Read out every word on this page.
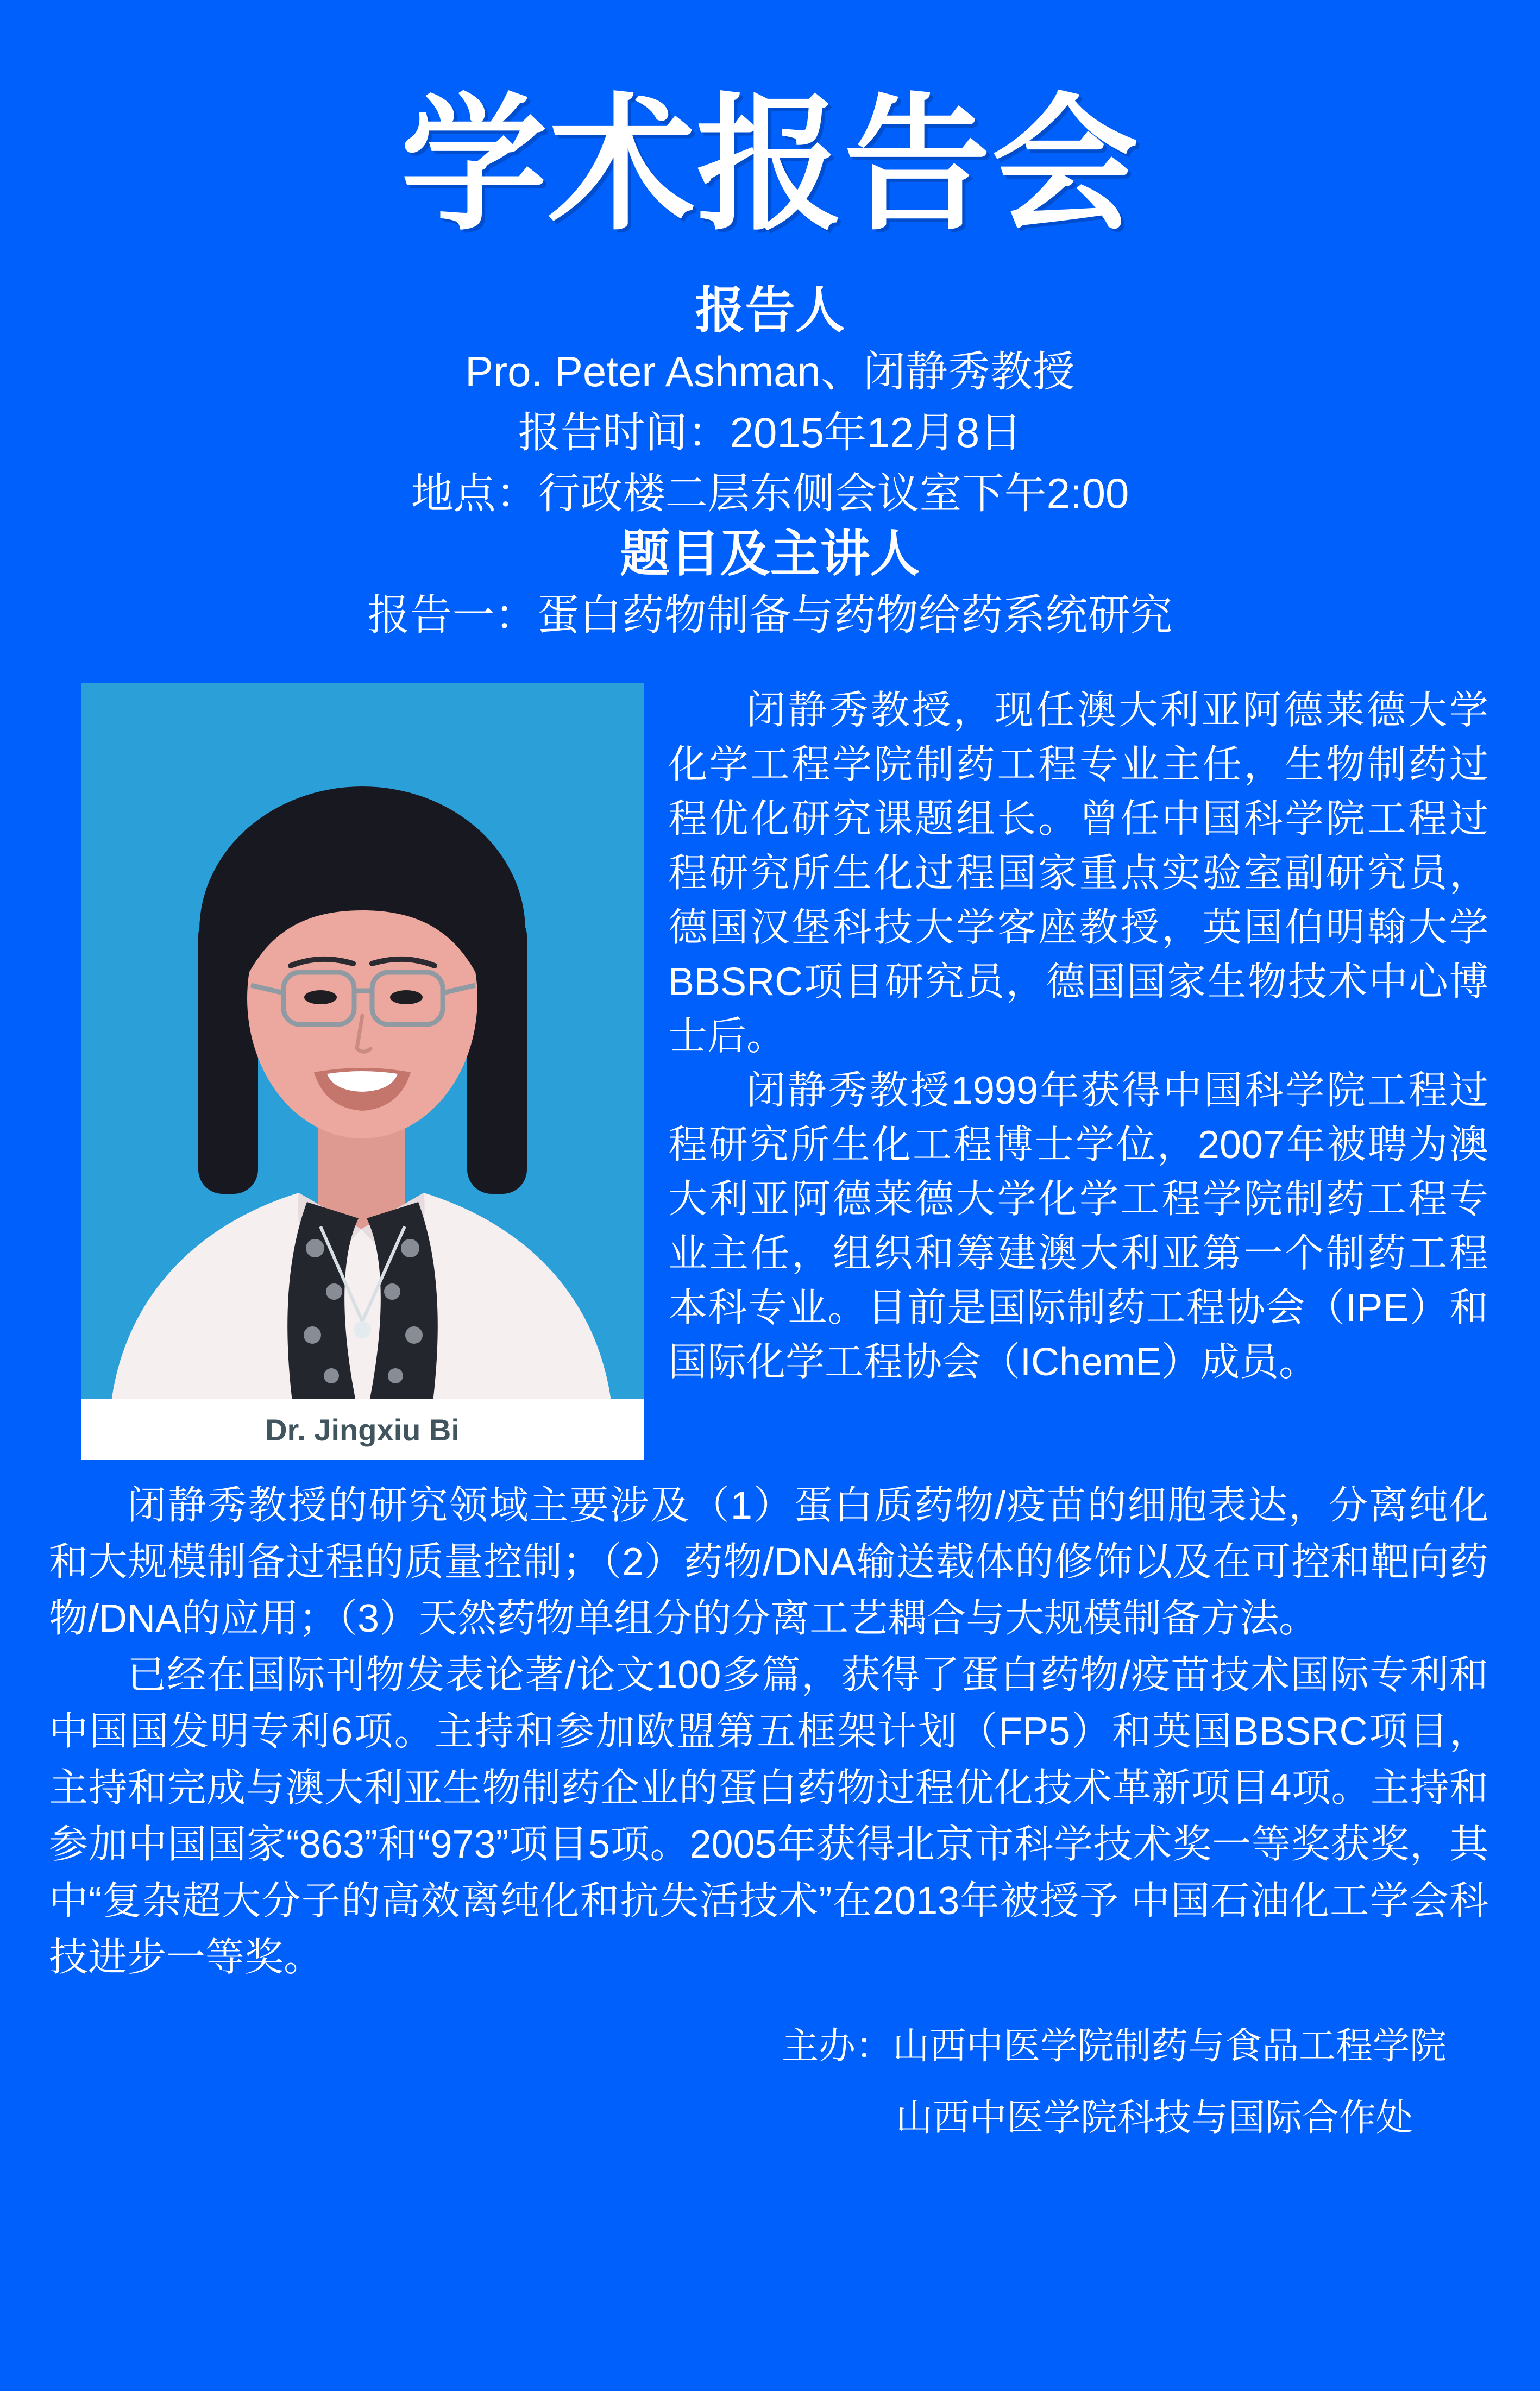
学术报告会
报告人
Pro. Peter Ashman、闭静秀教授
报告时间：2015年12月8日
地点：行政楼二层东侧会议室下午2:00
题目及主讲人
报告一：蛋白药物制备与药物给药系统研究
Dr. Jingxiu Bi

闭静秀教授，现任澳大利亚阿德莱德大学化学工程学院制药工程专业主任，生物制药过程优化研究课题组长。曾任中国科学院工程过程研究所生化过程国家重点实验室副研究员，德国汉堡科技大学客座教授，英国伯明翰大学BBSRC项目研究员，德国国家生物技术中心博士后。

闭静秀教授1999年获得中国科学院工程过程研究所生化工程博士学位，2007年被聘为澳大利亚阿德莱德大学化学工程学院制药工程专业主任，组织和筹建澳大利亚第一个制药工程本科专业。目前是国际制药工程协会（IPE）和国际化学工程协会（IChemE）成员。

闭静秀教授的研究领域主要涉及（1）蛋白质药物/疫苗的细胞表达，分离纯化和大规模制备过程的质量控制；（2）药物/DNA输送载体的修饰以及在可控和靶向药物/DNA的应用；（3）天然药物单组分的分离工艺耦合与大规模制备方法。

已经在国际刊物发表论著/论文100多篇，获得了蛋白药物/疫苗技术国际专利和中国国发明专利6项。主持和参加欧盟第五框架计划（FP5）和英国BBSRC项目，主持和完成与澳大利亚生物制药企业的蛋白药物过程优化技术革新项目4项。主持和参加中国国家“863”和“973”项目5项。2005年获得北京市科学技术奖一等奖获奖，其中“复杂超大分子的高效离纯化和抗失活技术”在2013年被授予 中国石油化工学会科技进步一等奖。

主办：山西中医学院制药与食品工程学院
山西中医学院科技与国际合作处
